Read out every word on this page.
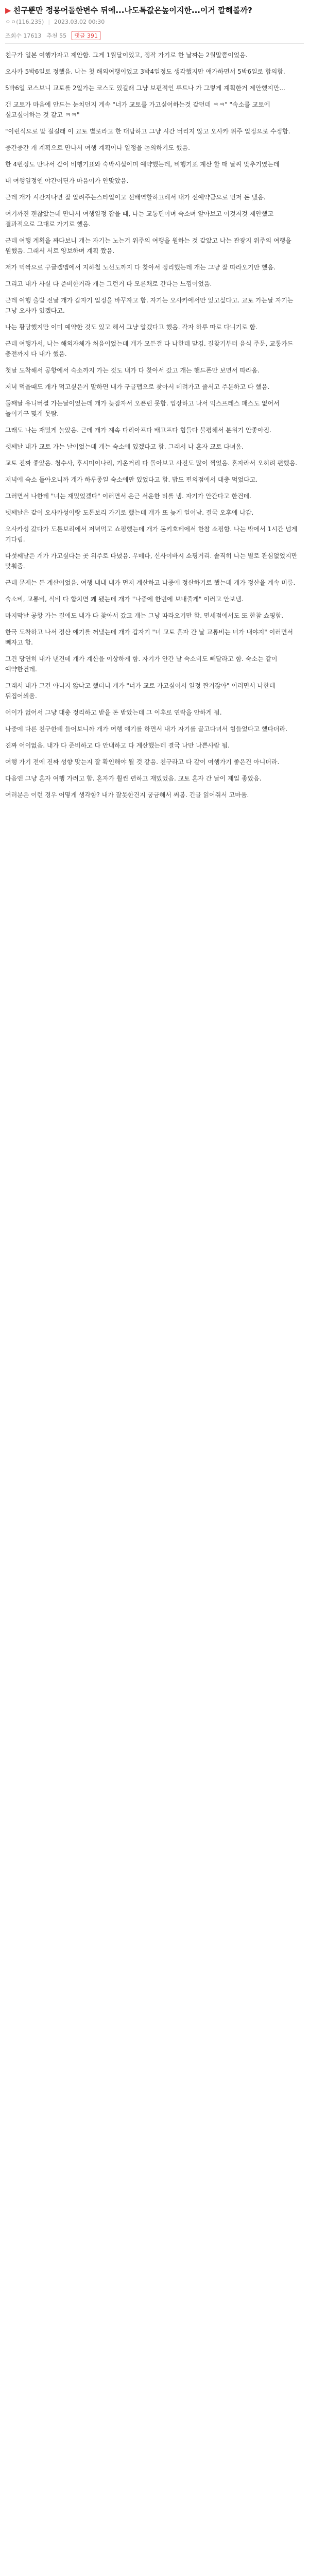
▶ 친구뿐만 정몽어돌한변수 뒤에...나도톡값은높이지한...이거 깔해볼까?
ㅇㅇ(116.235) | 2023.03.02 00:30
조회수 17613 추천 55	댓글 391

친구가 일본 여행가자고 제안함. 그게 1월달이었고, 정작 가기로 한 날짜는 2월말쯤이었음.

오사카 5박6일로 정했음. 나는 첫 해외여행이었고 3박4일정도 생각했지만 얘가하면서 5박6일로 합의함.

5박6일 코스보니 교토를 2일가는 코스도 있길래 그냥 보편적인 루트나 가 그렇게 계획한거 제안했지만...

갠 교토가 마음에 안드는 눈치던지 게속 "너가 교토를 가고싶어하는것 같던데 ㅋㅋ" "속소를 교토에 실고싶어하는 것 같고 ㅋㅋ"

"이런식으로 말 걸길래 이 교토 별로라고 한 대답하고 그냥 시간 버리지 않고 오사카 위주 일정으로 수정함.

중간중간 개 계획으로 만나서 여행 계획이나 일정을 논의하기도 했음.

한 4번정도 만나서 같이 비행기표와 숙박시설이며 예약했는데, 비행기표 계산 할 때 날씨 맞추기였는데

내 여행일정엔 야간어딘가 마음이가 안맞았음.

근데 개가 시간지나면 잘 알려주는스타일이고 선배역할하고해서 내가 선예약금으로 먼저 돈 냈음.

여기까진 괜찮았는데 만나서 여행일정 잡을 때, 나는 교통편이며 숙소며 알아보고 이것저것 제안했고 결과적으로 그대로 가기로 했음.

근데 여행 계획을 짜다보니 개는 자기는 노는거 위주의 여행을 원하는 것 같았고 나는 관광지 위주의 여행을 원했음. 그래서 서로 양보하며 계획 짰음.

저가 먹짝으로 구글캘맵에서 지하철 노선도까지 다 찾아서 정리했는데 개는 그냥 잘 따라오기만 했음.

그리고 내가 사실 다 준비한거라 개는 그런거 다 모른채로 간다는 느낌이었음.

근데 여행 출발 전날 개가 갑자기 일정을 바꾸자고 함. 자기는 오사카에서만 있고싶다고. 교토 가는날 자기는 그냥 오사카 있겠다고.

나는 황당했지만 이미 예약한 것도 있고 해서 그냥 알겠다고 했음. 각자 하루 따로 다니기로 함.

근데 여행가서, 나는 해외자체가 처음이었는데 개가 모든걸 다 나한테 맡김. 길찾기부터 음식 주문, 교통카드 충전까지 다 내가 했음.

첫날 도착해서 공항에서 숙소까지 가는 것도 내가 다 찾아서 갔고 개는 핸드폰만 보면서 따라옴.

저녁 먹을때도 개가 먹고싶은거 말하면 내가 구글맵으로 찾아서 데려가고 줄서고 주문하고 다 했음.

둘째날 유니버셜 가는날이었는데 개가 늦잠자서 오픈런 못함. 입장하고 나서 익스프레스 패스도 없어서 놀이기구 몇개 못탐.

그래도 나는 재밌게 놀았음. 근데 개가 계속 다리아프다 배고프다 힘들다 불평해서 분위기 안좋아짐.

셋째날 내가 교토 가는 날이었는데 개는 숙소에 있겠다고 함. 그래서 나 혼자 교토 다녀옴.

교토 진짜 좋았음. 청수사, 후시미이나리, 기온거리 다 돌아보고 사진도 많이 찍었음. 혼자라서 오히려 편했음.

저녁에 숙소 돌아오니까 개가 하루종일 숙소에만 있었다고 함. 밥도 편의점에서 대충 먹었다고.

그러면서 나한테 "너는 재밌었겠다" 이러면서 은근 서운한 티를 냄. 자기가 안간다고 한건데.

넷째날은 같이 오사카성이랑 도톤보리 가기로 했는데 개가 또 늦게 일어남. 결국 오후에 나감.

오사카성 갔다가 도톤보리에서 저녁먹고 쇼핑했는데 개가 돈키호테에서 한참 쇼핑함. 나는 밖에서 1시간 넘게 기다림.

다섯째날은 개가 가고싶다는 곳 위주로 다녔음. 우메다, 신사이바시 쇼핑거리. 솔직히 나는 별로 관심없었지만 맞춰줌.

근데 문제는 돈 계산이었음. 여행 내내 내가 먼저 계산하고 나중에 정산하기로 했는데 개가 정산을 계속 미룸.

숙소비, 교통비, 식비 다 합치면 꽤 됐는데 개가 "나중에 한번에 보내줄게" 이러고 안보냄.

마지막날 공항 가는 길에도 내가 다 찾아서 갔고 개는 그냥 따라오기만 함. 면세점에서도 또 한참 쇼핑함.

한국 도착하고 나서 정산 얘기를 꺼냈는데 개가 갑자기 "너 교토 혼자 간 날 교통비는 너가 내야지" 이러면서 빼자고 함.

그건 당연히 내가 낸건데 개가 계산을 이상하게 함. 자기가 안간 날 숙소비도 빼달라고 함. 숙소는 같이 예약한건데.

그래서 내가 그건 아니지 않냐고 했더니 개가 "너가 교토 가고싶어서 일정 짠거잖아" 이러면서 나한테 뒤집어씌움.

어이가 없어서 그냥 대충 정리하고 받을 돈 받았는데 그 이후로 연락을 안하게 됨.

나중에 다른 친구한테 들어보니까 개가 여행 얘기를 하면서 내가 자기를 끌고다녀서 힘들었다고 했다더라.

진짜 어이없음. 내가 다 준비하고 다 안내하고 다 계산했는데 결국 나만 나쁜사람 됨.

여행 가기 전에 진짜 성향 맞는지 잘 확인해야 될 것 같음. 친구라고 다 같이 여행가기 좋은건 아니더라.

다음엔 그냥 혼자 여행 가려고 함. 혼자가 훨씬 편하고 재밌었음. 교토 혼자 간 날이 제일 좋았음.

여러분은 이런 경우 어떻게 생각함? 내가 잘못한건지 궁금해서 써봄. 긴글 읽어줘서 고마움.
